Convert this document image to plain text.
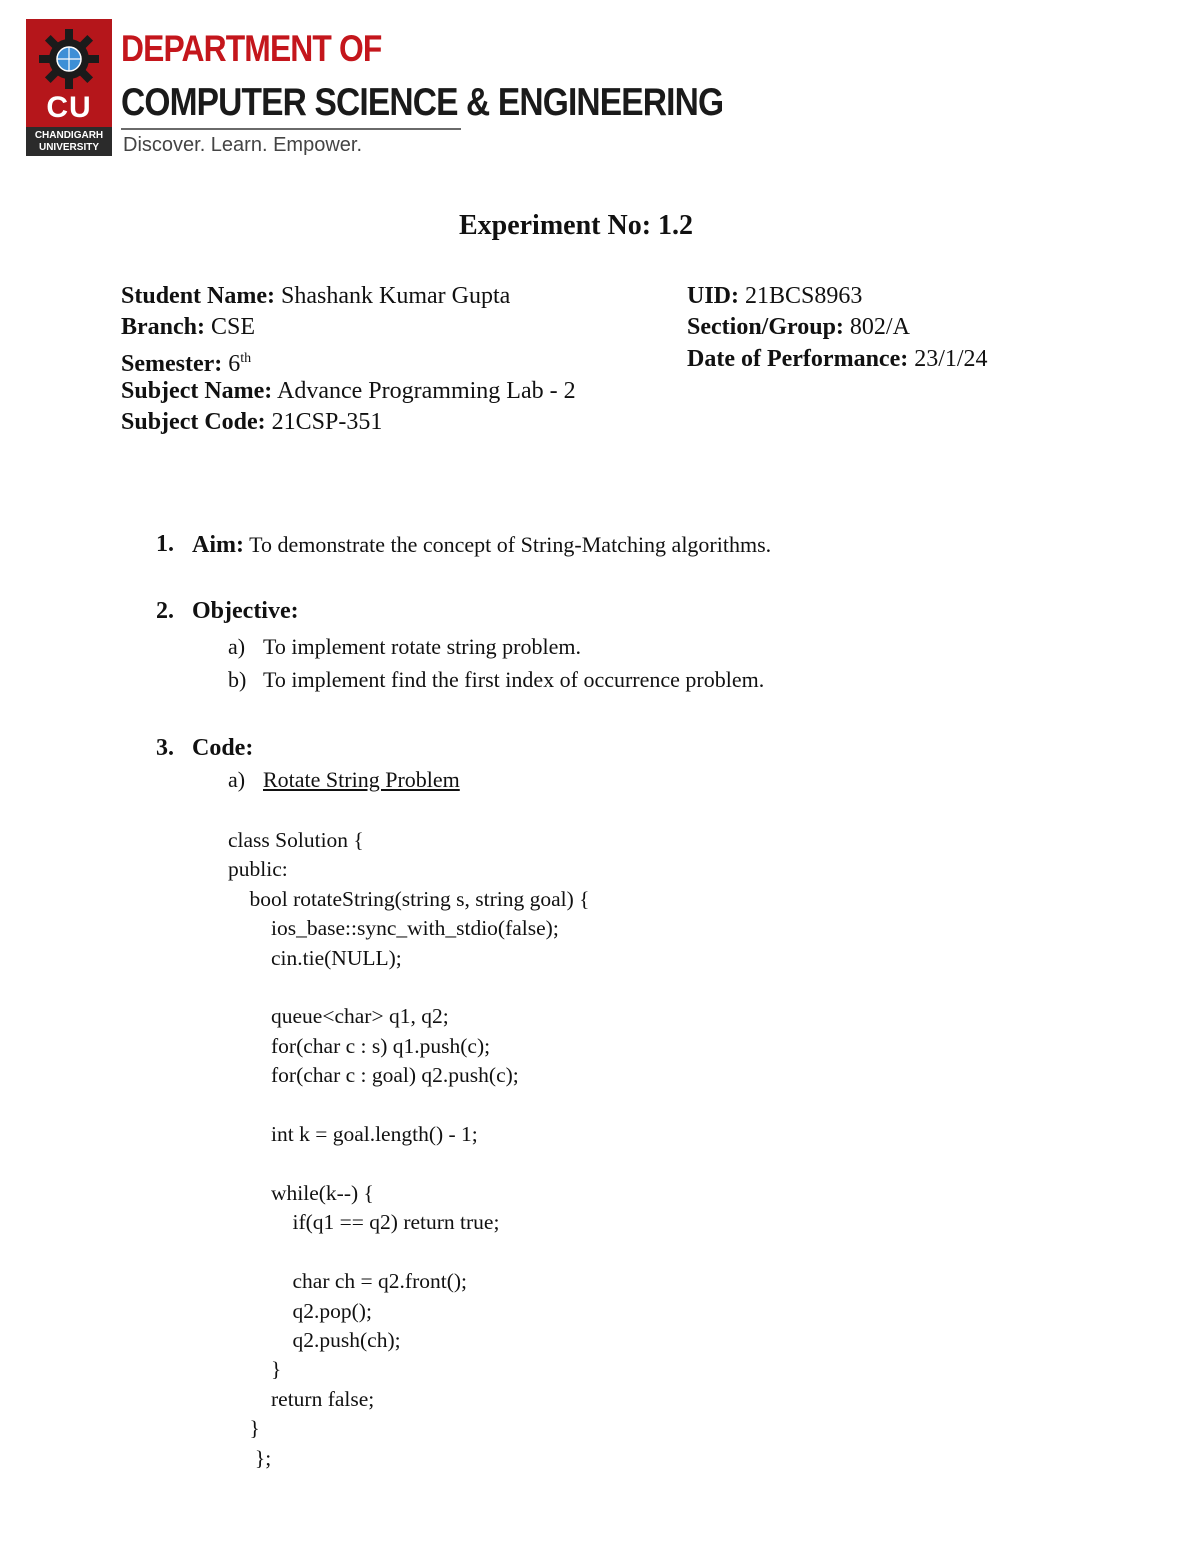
CU
CHANDIGARH UNIVERSITY
DEPARTMENT OF
COMPUTER SCIENCE & ENGINEERING
Discover. Learn. Empower.
Experiment No: 1.2
Student Name: Shashank Kumar Gupta
Branch: CSE
Semester: 6th
Subject Name: Advance Programming Lab - 2
Subject Code: 21CSP-351
UID: 21BCS8963
Section/Group: 802/A
Date of Performance: 23/1/24
1. Aim: To demonstrate the concept of String-Matching algorithms.
2. Objective:
a) To implement rotate string problem.
b) To implement find the first index of occurrence problem.
3. Code:
a) Rotate String Problem
class Solution {
public:
bool rotateString(string s, string goal) {
ios_base::sync_with_stdio(false);
cin.tie(NULL);

queue<char> q1, q2;
for(char c : s) q1.push(c);
for(char c : goal) q2.push(c);

int k = goal.length() - 1;

while(k--) {
if(q1 == q2) return true;

char ch = q2.front();
q2.pop();
q2.push(ch);
}
return false;
}
};
